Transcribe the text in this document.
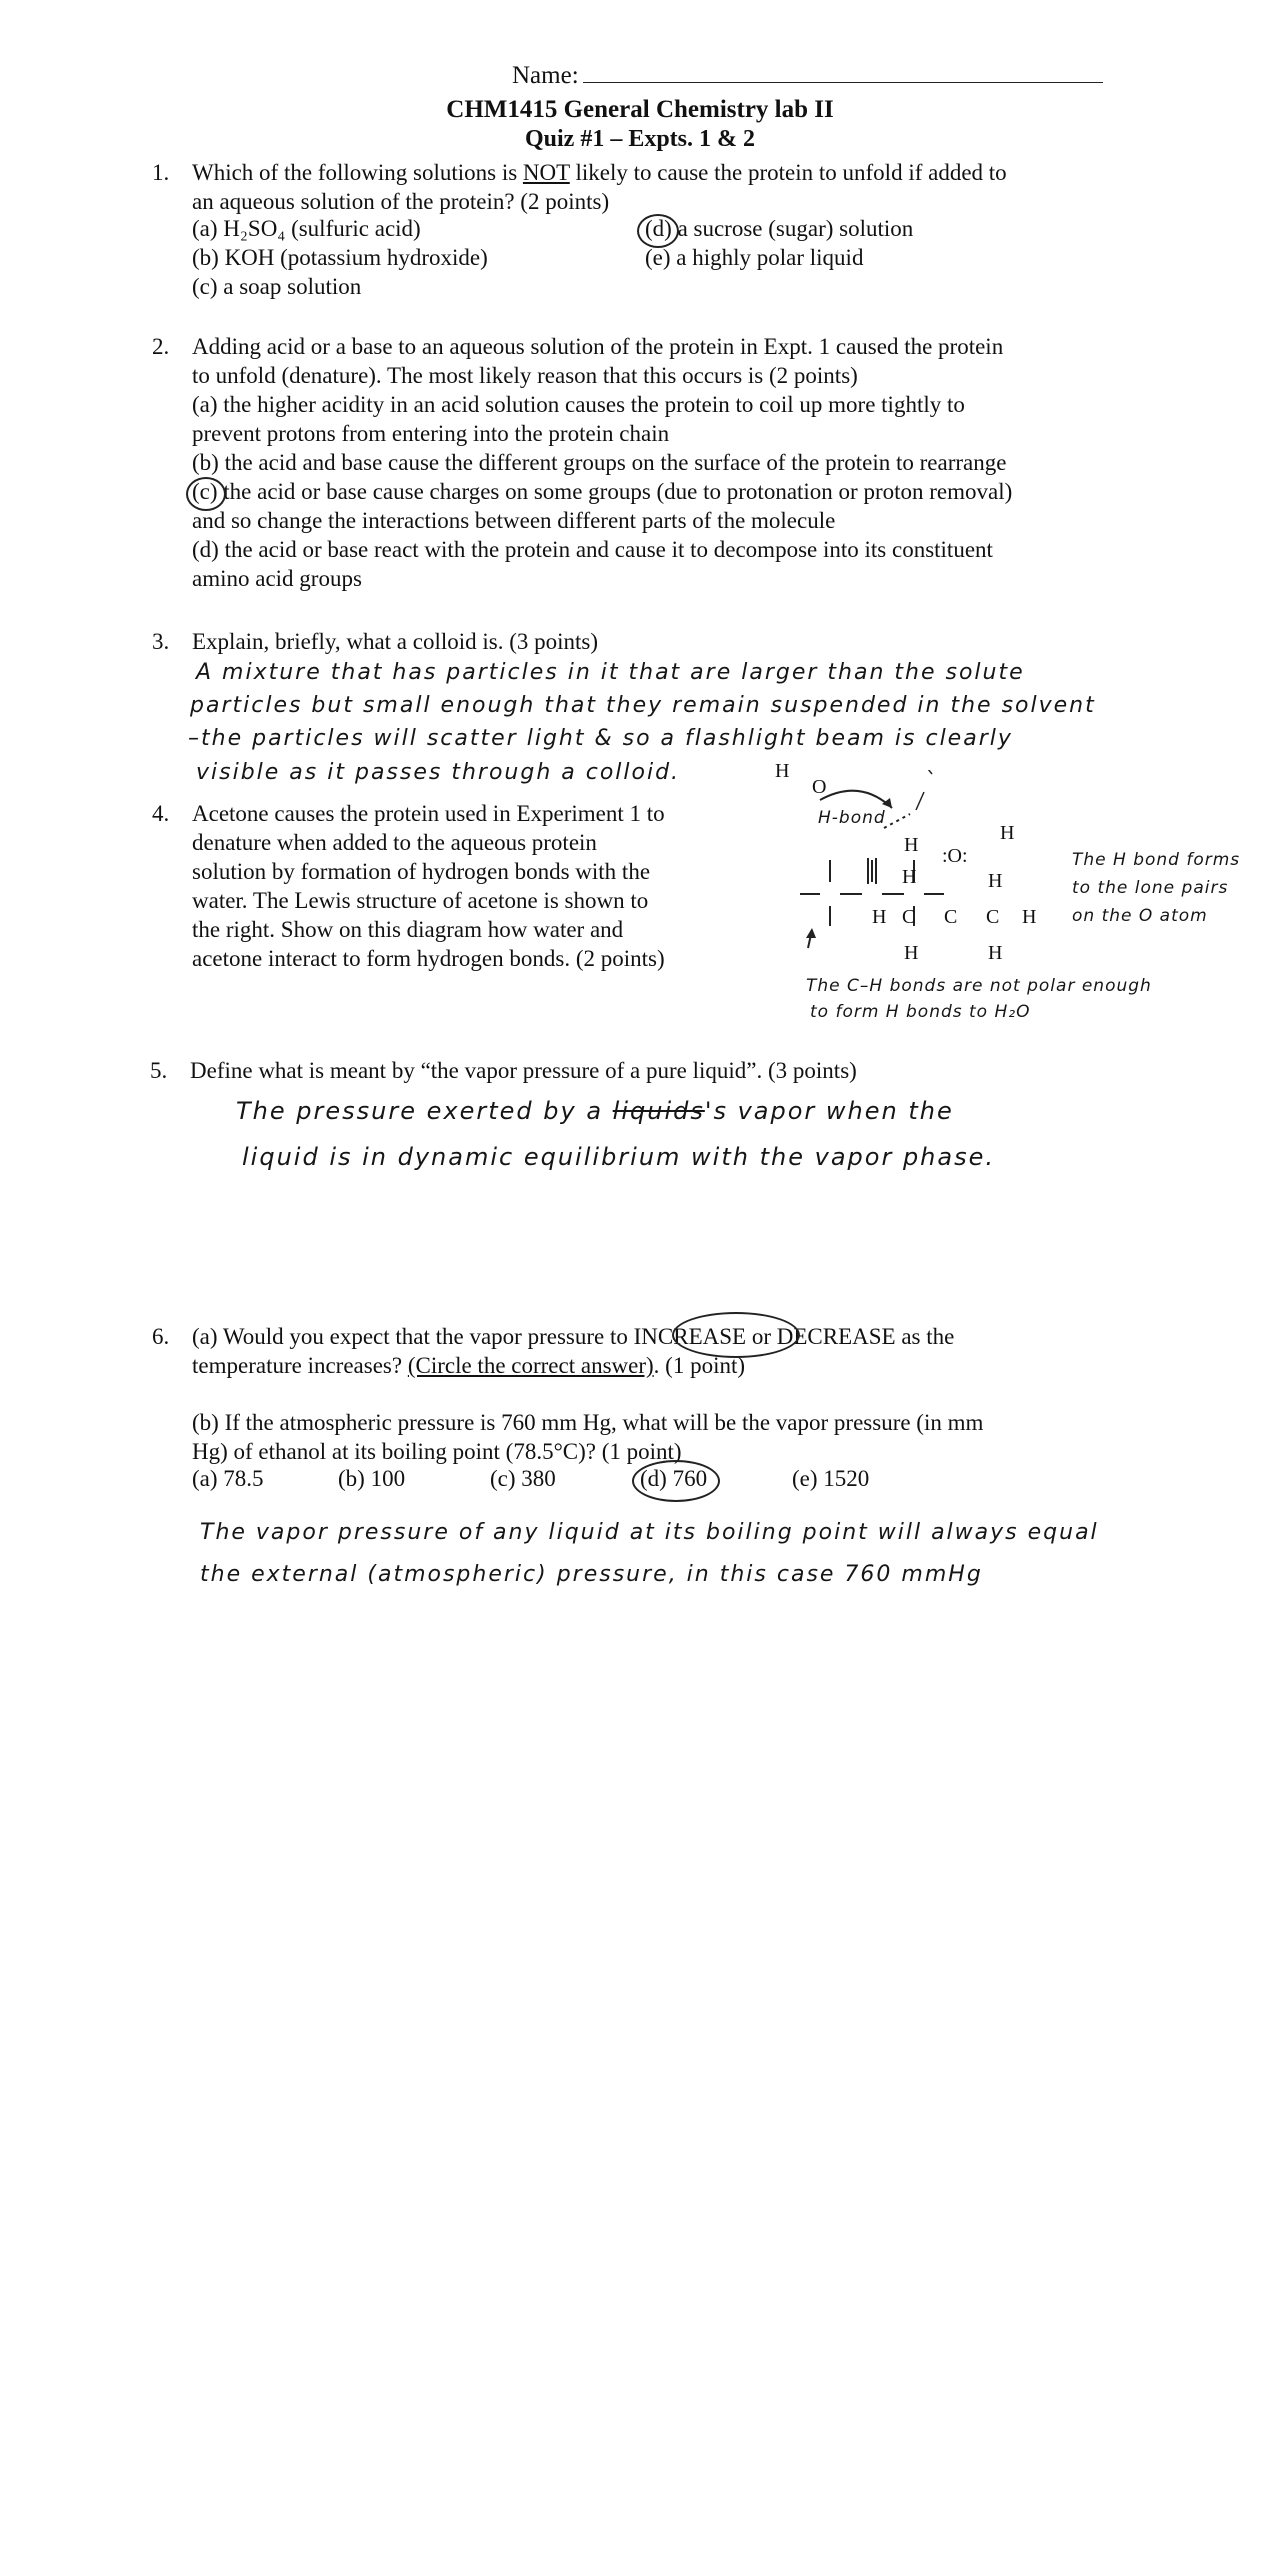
Name:
CHM1415 General Chemistry lab II
Quiz #1 – Expts. 1 & 2
1. Which of the following solutions is NOT likely to cause the protein to unfold if added to
an aqueous solution of the protein? (2 points)
(a) H₂SO₄ (sulfuric acid)
(b) KOH (potassium hydroxide)
(c) a soap solution
(d) a sucrose (sugar) solution
(e) a highly polar liquid
2. Adding acid or a base to an aqueous solution of the protein in Expt. 1 caused the protein
to unfold (denature). The most likely reason that this occurs is (2 points)
(a) the higher acidity in an acid solution causes the protein to coil up more tightly to
prevent protons from entering into the protein chain
(b) the acid and base cause the different groups on the surface of the protein to rearrange
(c) the acid or base cause charges on some groups (due to protonation or proton removal)
and so change the interactions between different parts of the molecule
(d) the acid or base react with the protein and cause it to decompose into its constituent
amino acid groups
3. Explain, briefly, what a colloid is. (3 points)
A mixture that has particles in it that are larger than the solute
particles but small enough that they remain suspended in the solvent
–the particles will scatter light & so a flashlight beam is clearly
visible as it passes through a colloid.
4. Acetone causes the protein used in Experiment 1 to
denature when added to the aqueous protein
solution by formation of hydrogen bonds with the
water. The Lewis structure of acetone is shown to
the right. Show on this diagram how water and
acetone interact to form hydrogen bonds. (2 points)
H
O
H-bond
H
:O:
H
H
H C C C H
H
H	H
The H bond forms
to the lone pairs
on the O atom
The C–H bonds are not polar enough
to form H bonds to H₂O
5. Define what is meant by “the vapor pressure of a pure liquid”. (3 points)
The pressure exerted by a liquids's vapor when the
liquid is in dynamic equilibrium with the vapor phase.
6. (a) Would you expect that the vapor pressure to INCREASE or DECREASE as the
temperature increases? (Circle the correct answer). (1 point)
(b) If the atmospheric pressure is 760 mm Hg, what will be the vapor pressure (in mm
Hg) of ethanol at its boiling point (78.5°C)? (1 point)
(a) 78.5	(b) 100	(c) 380	(d) 760	(e) 1520
The vapor pressure of any liquid at its boiling point will always equal
the external (atmospheric) pressure, in this case 760 mmHg
